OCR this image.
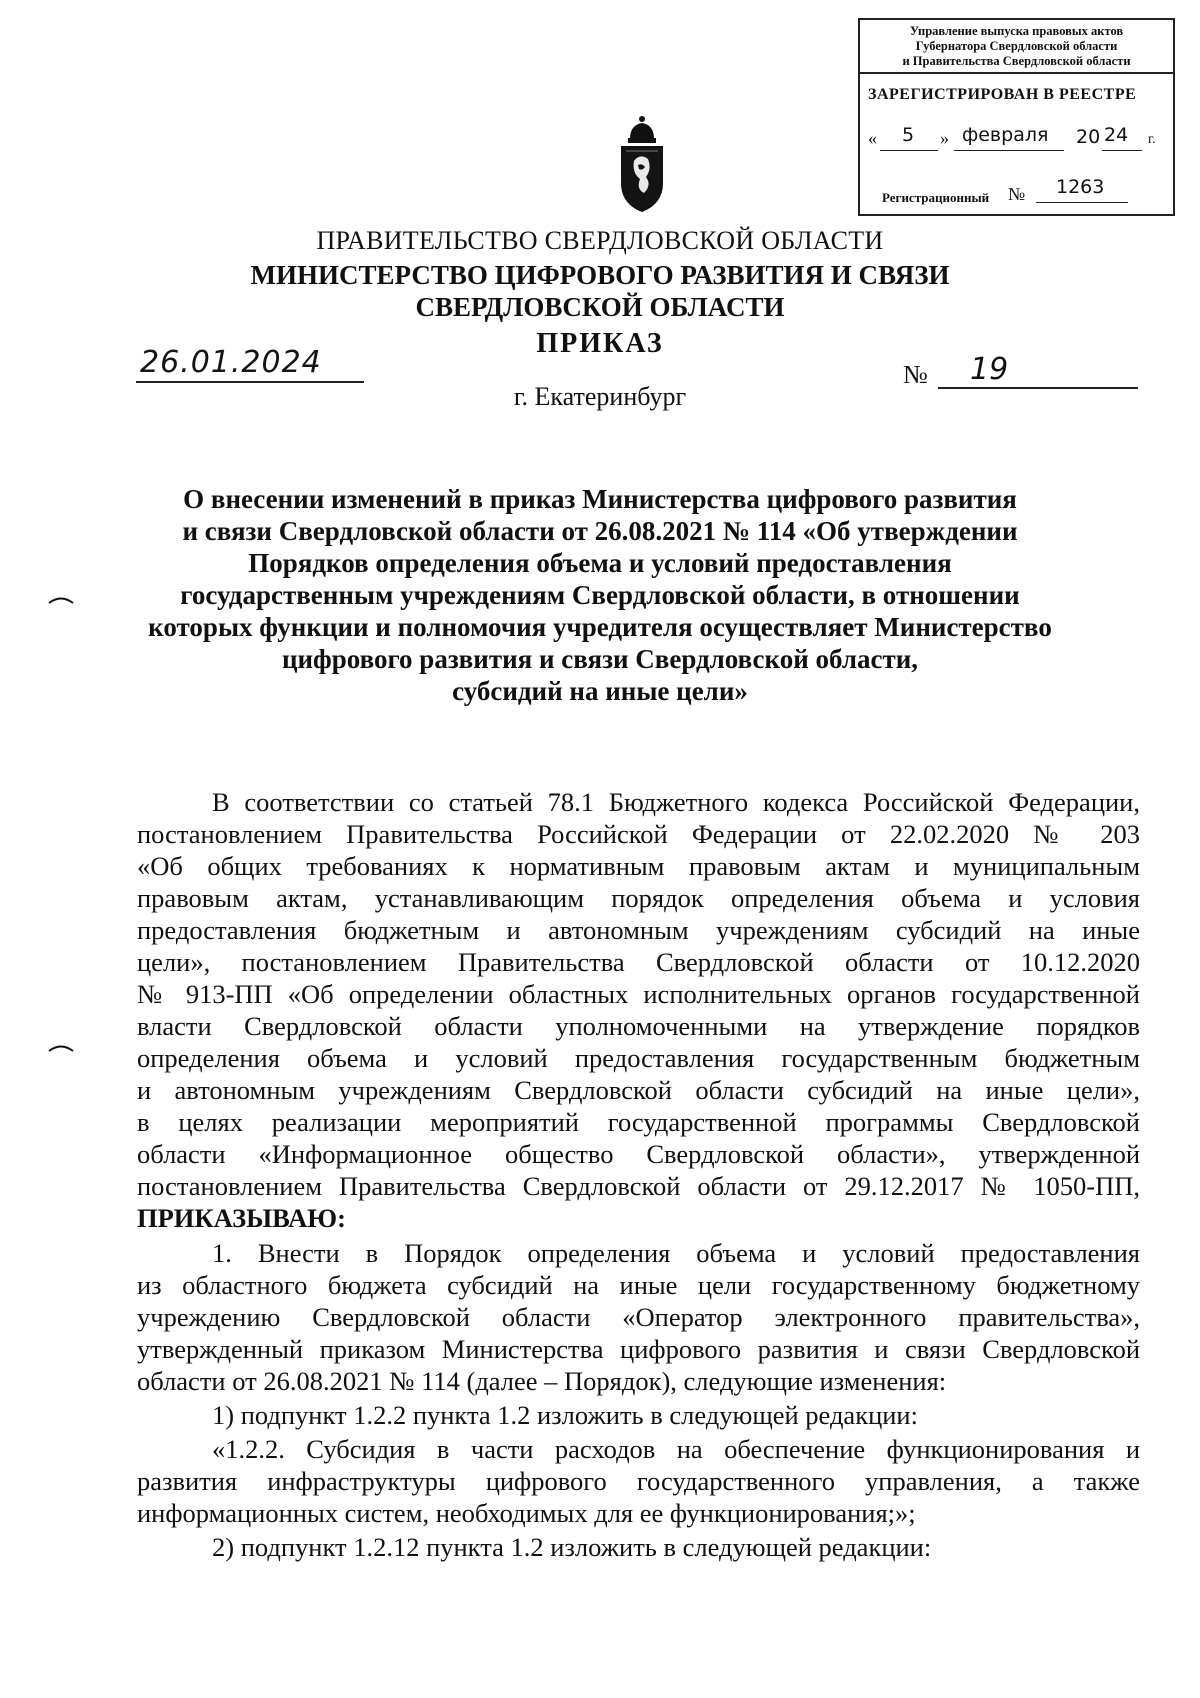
Управление выпуска правовых актов
Губернатора Свердловской области
и Правительства Свердловской области
ЗАРЕГИСТРИРОВАН В РЕЕСТРЕ
« 5 » февраля 20 24 г.
Регистрационный № 1263
ПРАВИТЕЛЬСТВО СВЕРДЛОВСКОЙ ОБЛАСТИ
МИНИСТЕРСТВО ЦИФРОВОГО РАЗВИТИЯ И СВЯЗИ
СВЕРДЛОВСКОЙ ОБЛАСТИ
ПРИКАЗ
26.01.2024	№ 19
г. Екатеринбург
О внесении изменений в приказ Министерства цифрового развития
и связи Свердловской области от 26.08.2021 № 114 «Об утверждении
Порядков определения объема и условий предоставления
государственным учреждениям Свердловской области, в отношении
которых функции и полномочия учредителя осуществляет Министерство
цифрового развития и связи Свердловской области,
субсидий на иные цели»
В соответствии со статьей 78.1 Бюджетного кодекса Российской Федерации,
постановлением Правительства Российской Федерации от 22.02.2020 № 203
«Об общих требованиях к нормативным правовым актам и муниципальным
правовым актам, устанавливающим порядок определения объема и условия
предоставления бюджетным и автономным учреждениям субсидий на иные
цели», постановлением Правительства Свердловской области от 10.12.2020
№ 913-ПП «Об определении областных исполнительных органов государственной
власти Свердловской области уполномоченными на утверждение порядков
определения объема и условий предоставления государственным бюджетным
и автономным учреждениям Свердловской области субсидий на иные цели»,
в целях реализации мероприятий государственной программы Свердловской
области «Информационное общество Свердловской области», утвержденной
постановлением Правительства Свердловской области от 29.12.2017 № 1050-ПП,
ПРИКАЗЫВАЮ:
1. Внести в Порядок определения объема и условий предоставления
из областного бюджета субсидий на иные цели государственному бюджетному
учреждению Свердловской области «Оператор электронного правительства»,
утвержденный приказом Министерства цифрового развития и связи Свердловской
области от 26.08.2021 № 114 (далее – Порядок), следующие изменения:
1) подпункт 1.2.2 пункта 1.2 изложить в следующей редакции:
«1.2.2. Субсидия в части расходов на обеспечение функционирования и
развития инфраструктуры цифрового государственного управления, а также
информационных систем, необходимых для ее функционирования;»;
2) подпункт 1.2.12 пункта 1.2 изложить в следующей редакции:
